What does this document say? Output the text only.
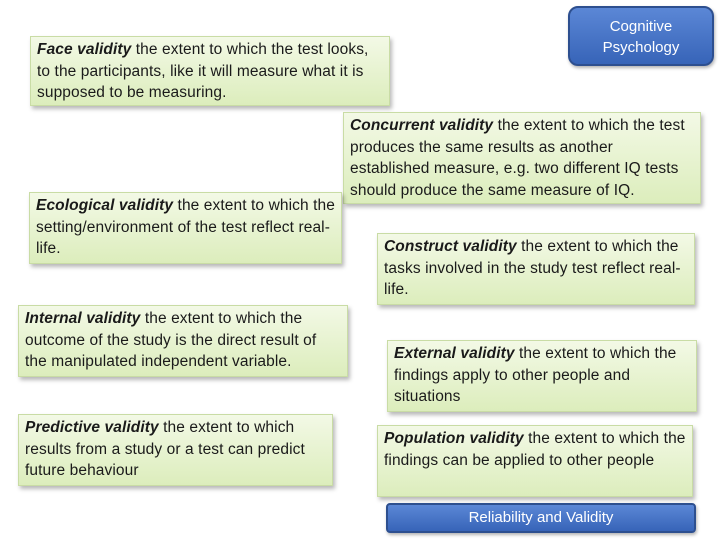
Cognitive
Psychology
Face validity the extent to which the test looks, to the participants, like it will measure what it is supposed to be measuring.
Concurrent validity the extent to which the test produces the same results as another established measure, e.g. two different IQ tests should produce the same measure of IQ.
Ecological validity the extent to which the setting/environment of the test reflect real-life.	Construct validity the extent to which the tasks involved in the study test reflect real-life.
Internal validity the extent to which the outcome of the study is the direct result of the manipulated independent variable.	External validity the extent to which the findings apply to other people and situations
Predictive validity the extent to which results from a study or a test can predict future behaviour
Population validity the extent to which the findings can be applied to other people
Reliability and Validity
